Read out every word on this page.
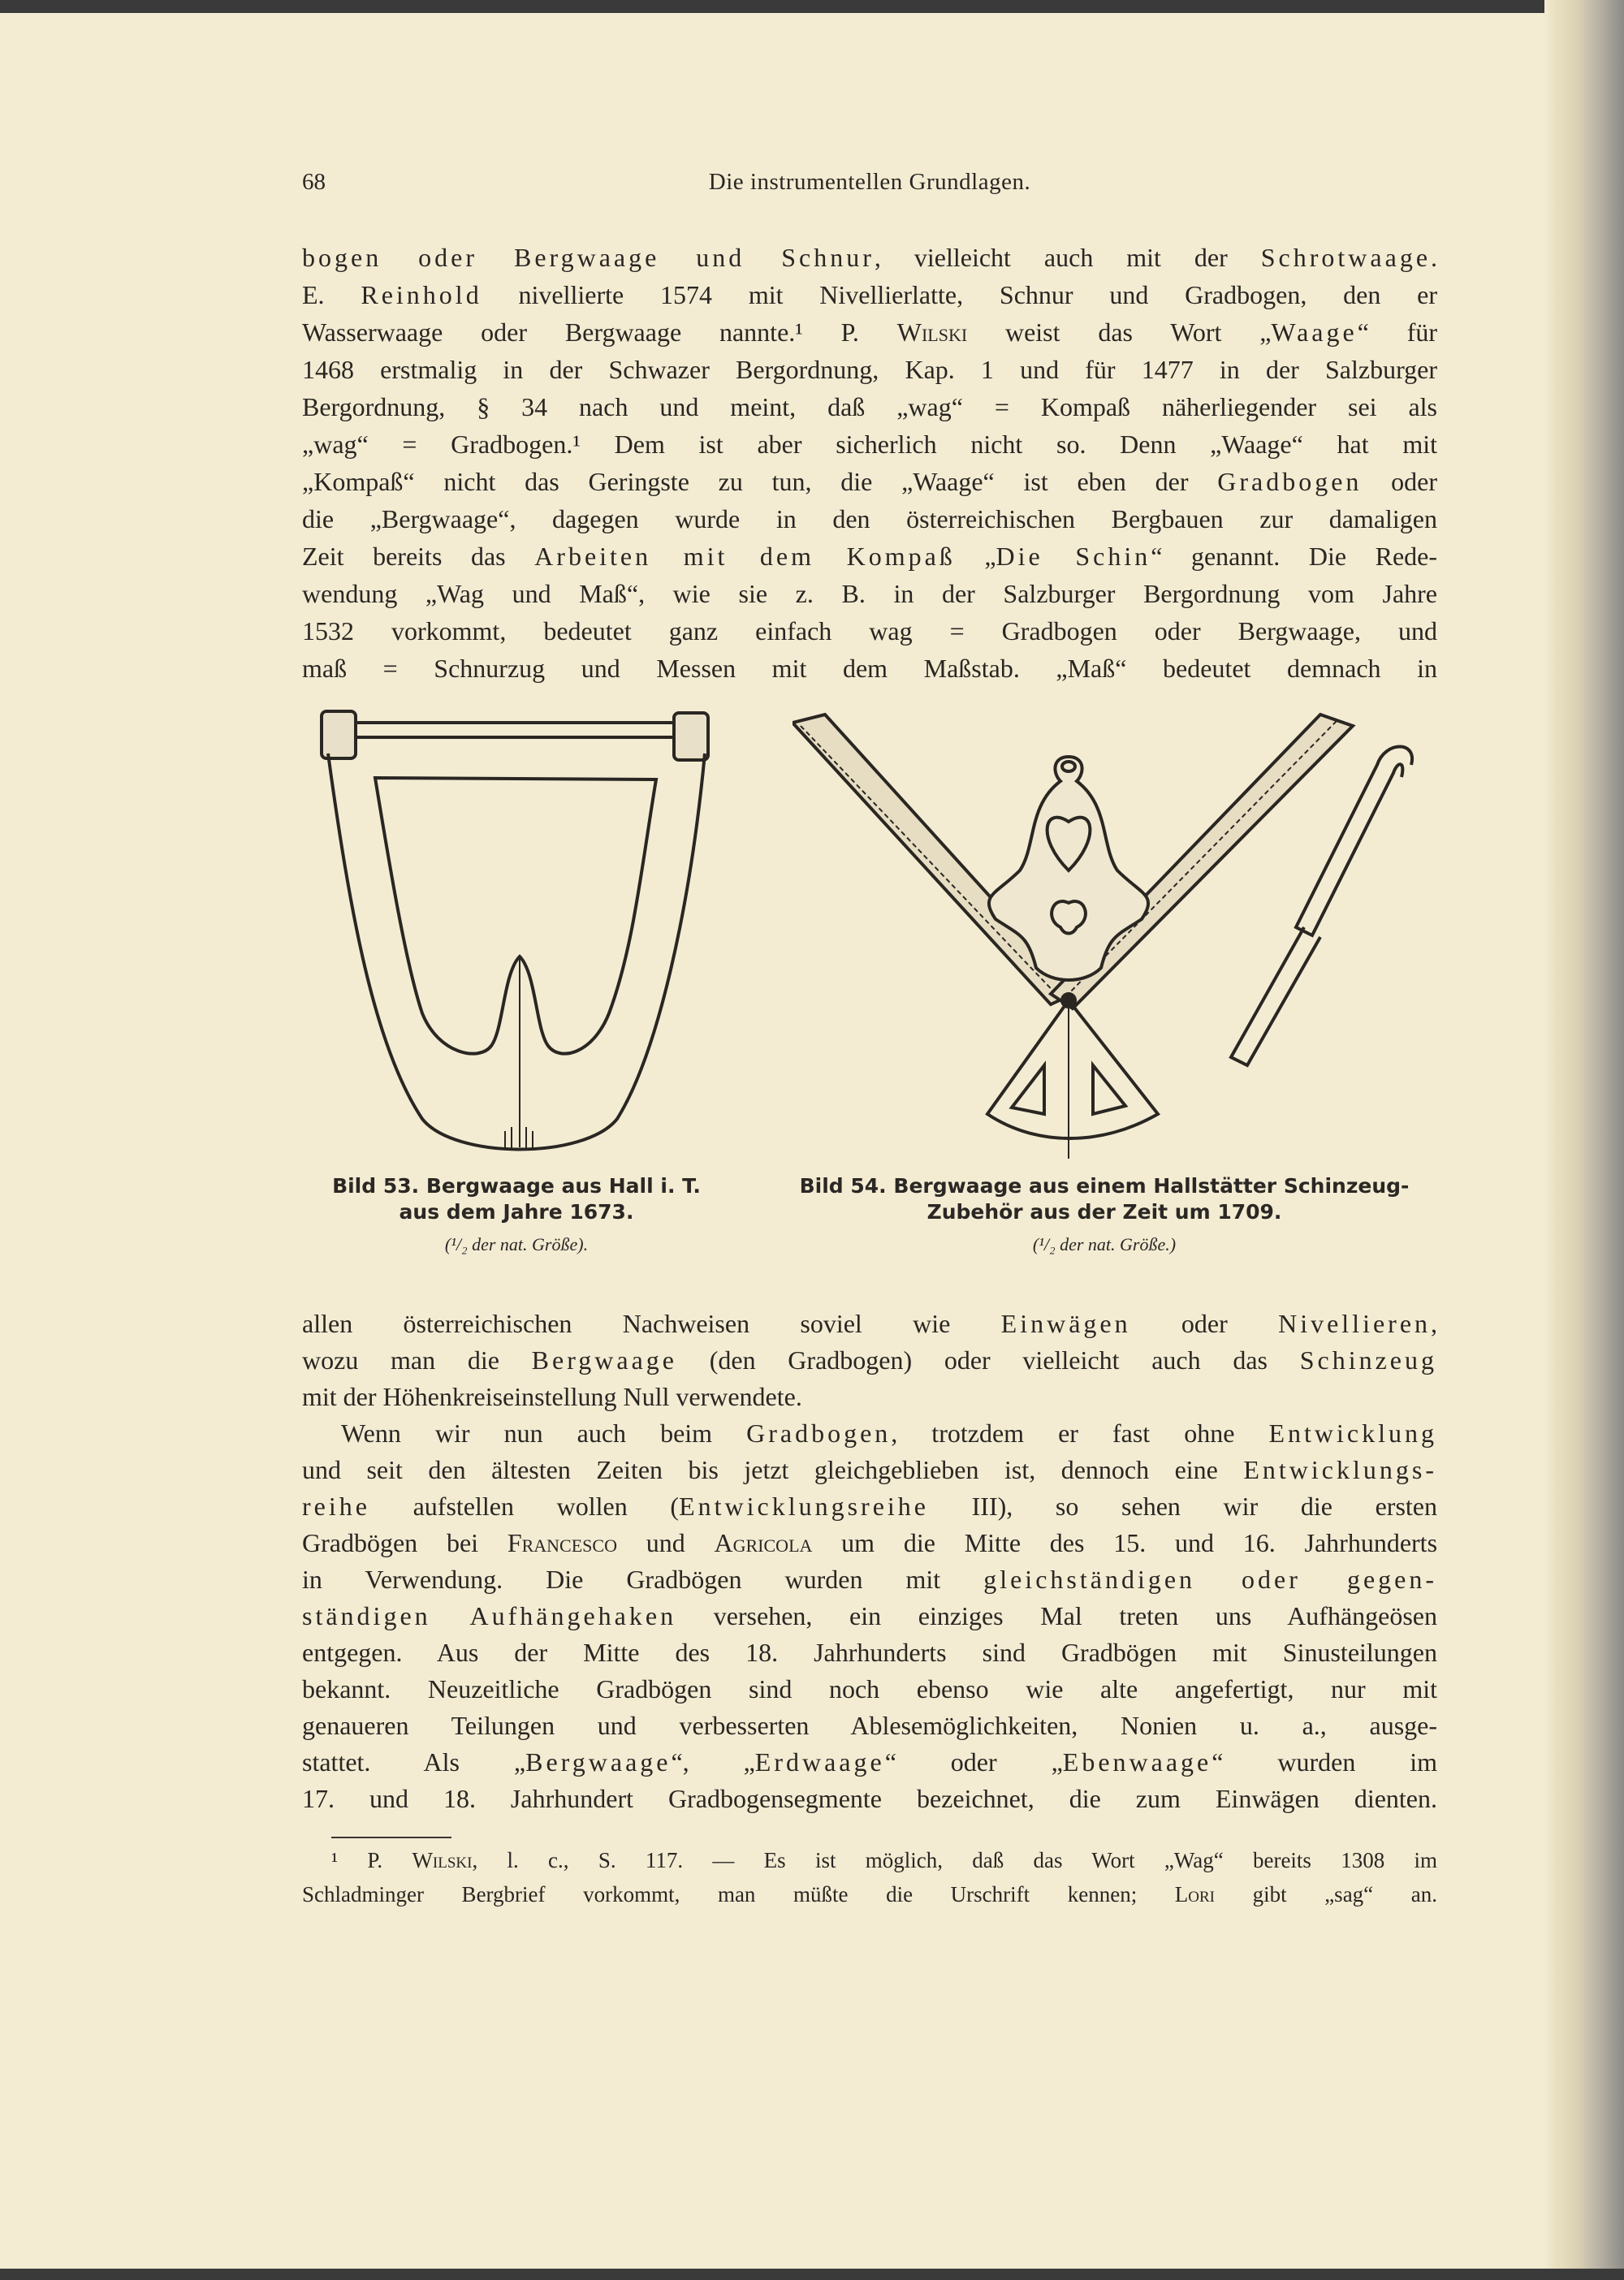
68	Die instrumentellen Grundlagen.
bogen oder Bergwaage und Schnur, vielleicht auch mit der Schrotwaage.
E. Reinhold nivellierte 1574 mit Nivellierlatte, Schnur und Gradbogen, den er
Wasserwaage oder Bergwaage nannte.¹ P. Wilski weist das Wort „Waage“ für
1468 erstmalig in der Schwazer Bergordnung, Kap. 1 und für 1477 in der Salzburger
Bergordnung, § 34 nach und meint, daß „wag“ = Kompaß näherliegender sei als
„wag“ = Gradbogen.¹ Dem ist aber sicherlich nicht so. Denn „Waage“ hat mit
„Kompaß“ nicht das Geringste zu tun, die „Waage“ ist eben der Gradbogen oder
die „Bergwaage“, dagegen wurde in den österreichischen Bergbauen zur damaligen
Zeit bereits das Arbeiten mit dem Kompaß „Die Schin“ genannt. Die Rede-
wendung „Wag und Maß“, wie sie z. B. in der Salzburger Bergordnung vom Jahre
1532 vorkommt, bedeutet ganz einfach wag = Gradbogen oder Bergwaage, und
maß = Schnurzug und Messen mit dem Maßstab. „Maß“ bedeutet demnach in
Bild 53. Bergwaage aus Hall i. T.
aus dem Jahre 1673.
(¹/₂ der nat. Größe).
Bild 54. Bergwaage aus einem Hallstätter Schinzeug-
Zubehör aus der Zeit um 1709.
(¹/₂ der nat. Größe.)
allen österreichischen Nachweisen soviel wie Einwägen oder Nivellieren,
wozu man die Bergwaage (den Gradbogen) oder vielleicht auch das Schinzeug
mit der Höhenkreiseinstellung Null verwendete.
Wenn wir nun auch beim Gradbogen, trotzdem er fast ohne Entwicklung
und seit den ältesten Zeiten bis jetzt gleichgeblieben ist, dennoch eine Entwicklungs-
reihe aufstellen wollen (Entwicklungsreihe III), so sehen wir die ersten
Gradbögen bei Francesco und Agricola um die Mitte des 15. und 16. Jahrhunderts
in Verwendung. Die Gradbögen wurden mit gleichständigen oder gegen-
ständigen Aufhängehaken versehen, ein einziges Mal treten uns Aufhängeösen
entgegen. Aus der Mitte des 18. Jahrhunderts sind Gradbögen mit Sinusteilungen
bekannt. Neuzeitliche Gradbögen sind noch ebenso wie alte angefertigt, nur mit
genaueren Teilungen und verbesserten Ablesemöglichkeiten, Nonien u. a., ausge-
stattet. Als „Bergwaage“, „Erdwaage“ oder „Ebenwaage“ wurden im
17. und 18. Jahrhundert Gradbogensegmente bezeichnet, die zum Einwägen dienten.
¹ P. Wilski, l. c., S. 117. — Es ist möglich, daß das Wort „Wag“ bereits 1308 im
Schladminger Bergbrief vorkommt, man müßte die Urschrift kennen; Lori gibt „sag“ an.
